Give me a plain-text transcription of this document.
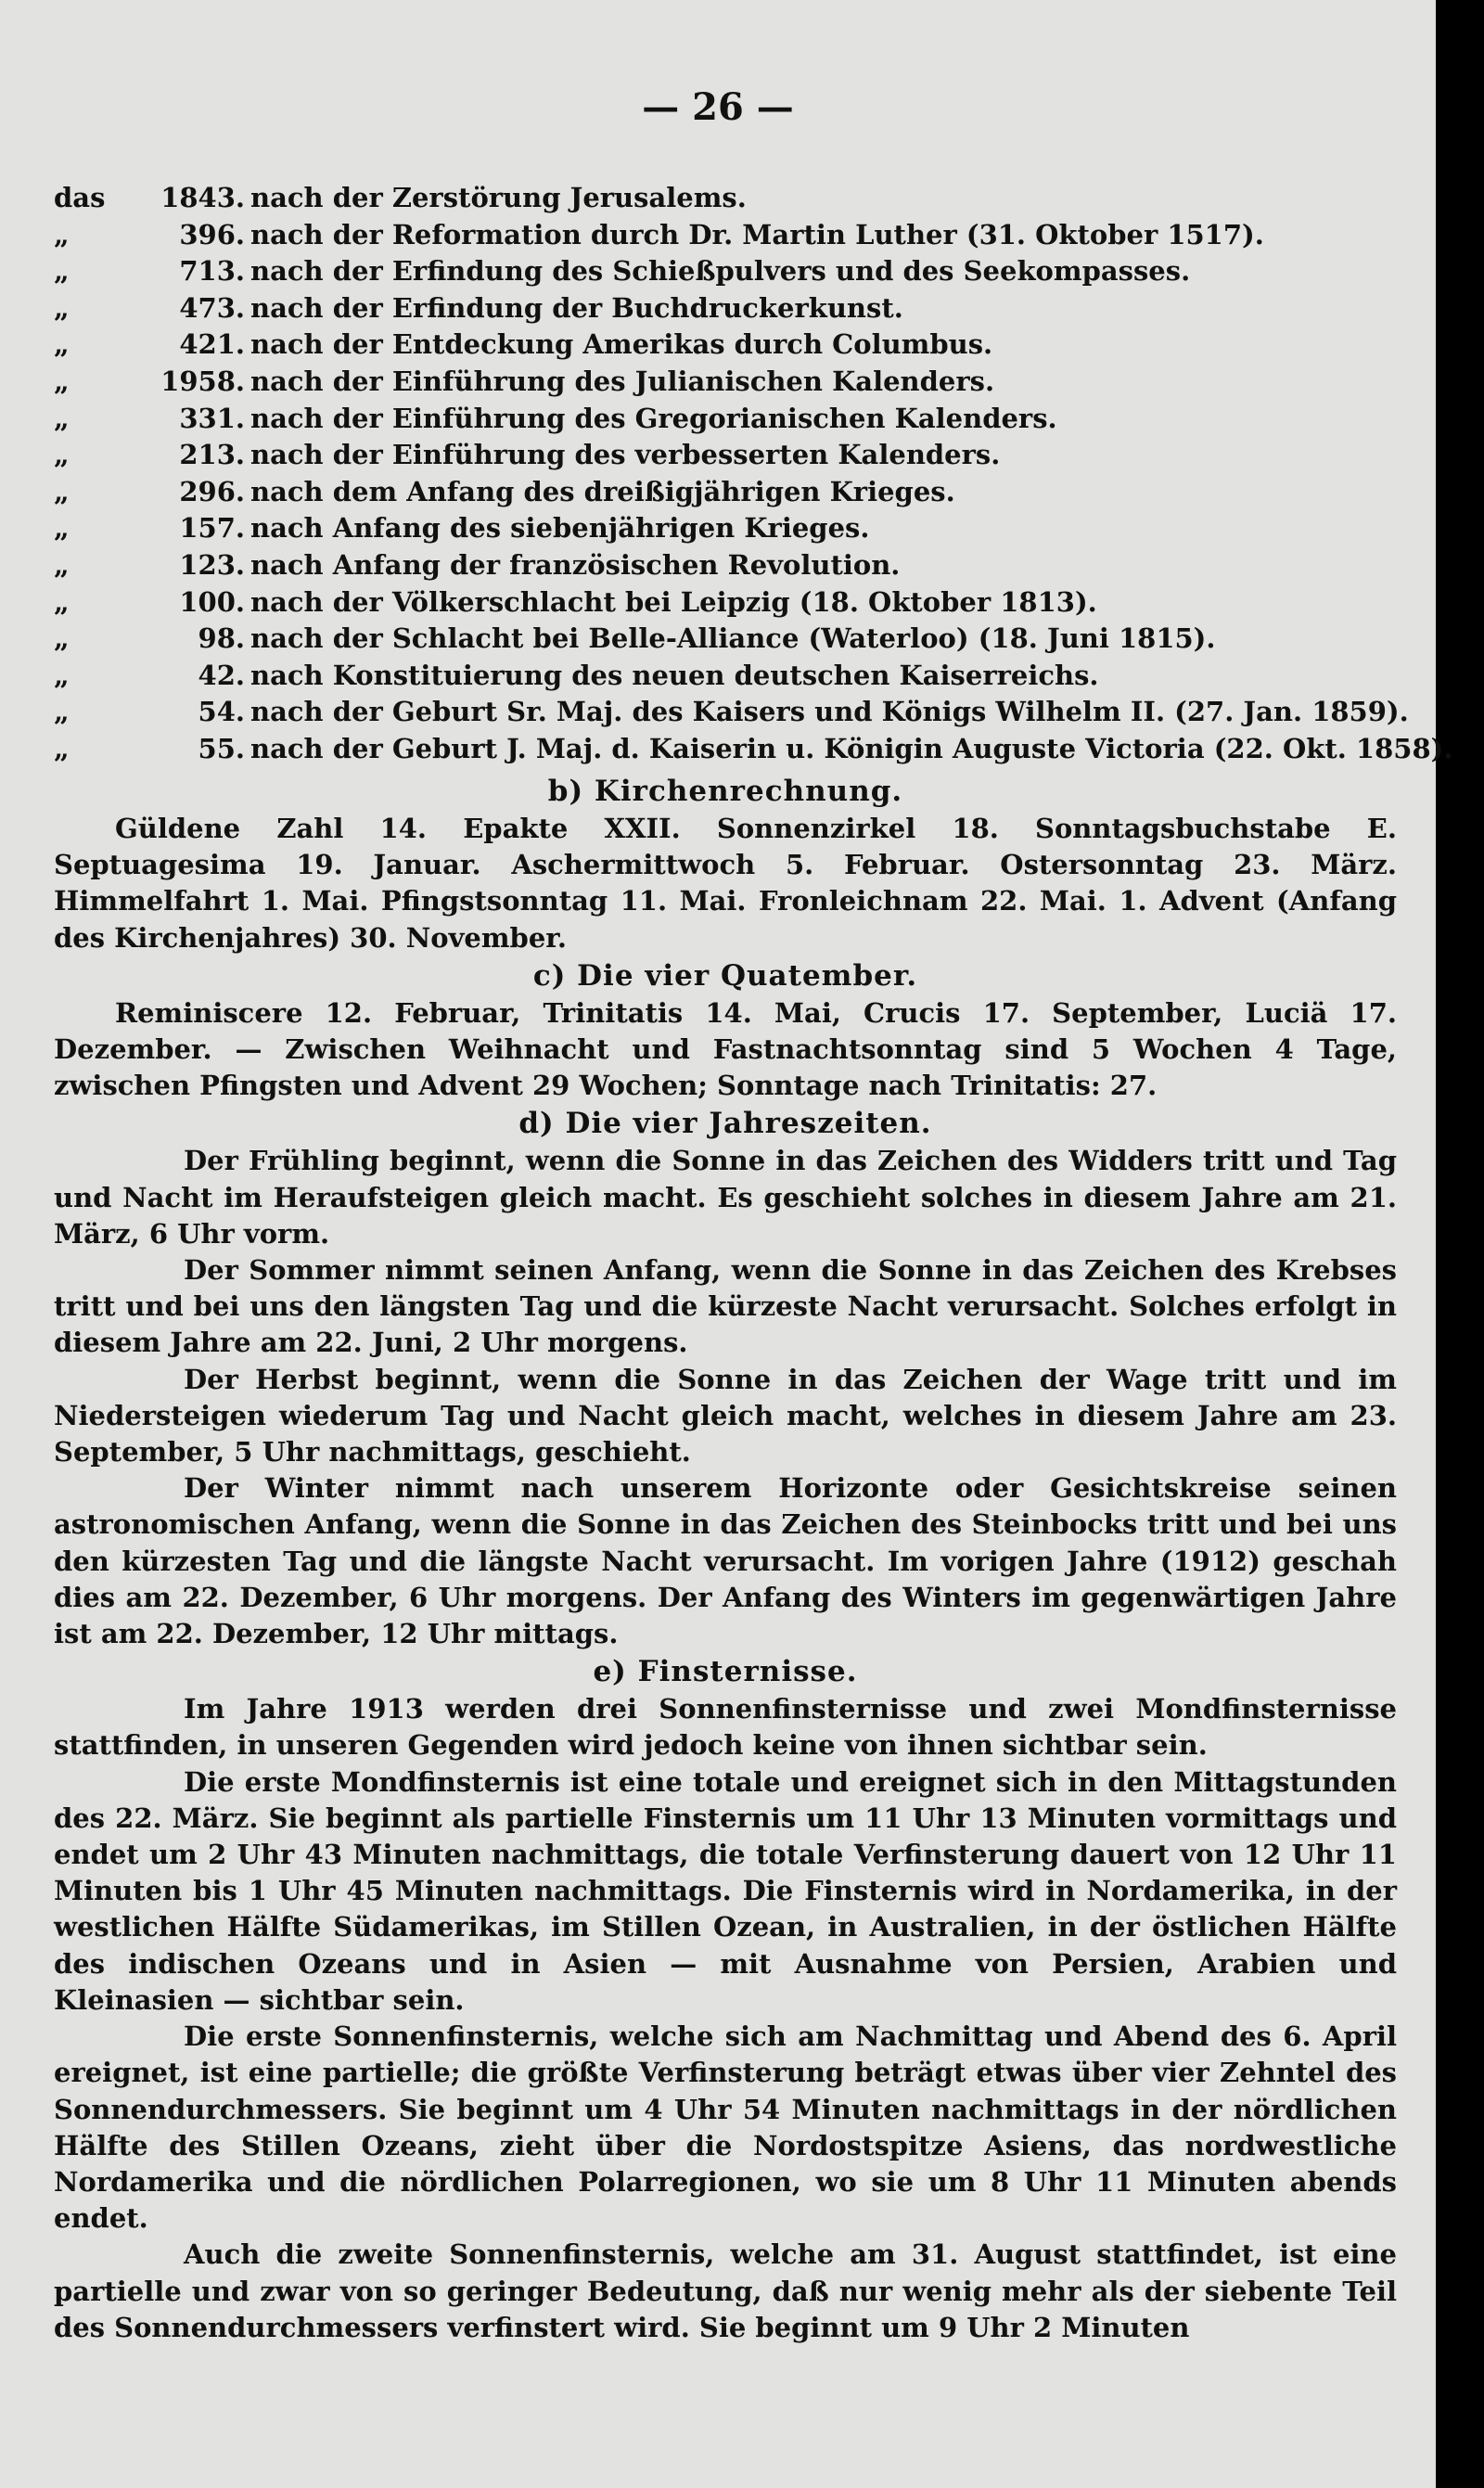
— 26 —
das	1843. nach der Zerstörung Jerusalems.
„	396. nach der Reformation durch Dr. Martin Luther (31. Oktober 1517).
„	713. nach der Erfindung des Schießpulvers und des Seekompasses.
„	473. nach der Erfindung der Buchdruckerkunst.
„	421. nach der Entdeckung Amerikas durch Columbus.
„	1958. nach der Einführung des Julianischen Kalenders.
„	331. nach der Einführung des Gregorianischen Kalenders.
„	213. nach der Einführung des verbesserten Kalenders.
„	296. nach dem Anfang des dreißigjährigen Krieges.
„	157. nach Anfang des siebenjährigen Krieges.
„	123. nach Anfang der französischen Revolution.
„	100. nach der Völkerschlacht bei Leipzig (18. Oktober 1813).
„	98. nach der Schlacht bei Belle-Alliance (Waterloo) (18. Juni 1815).
„	42. nach Konstituierung des neuen deutschen Kaiserreichs.
„	54. nach der Geburt Sr. Maj. des Kaisers und Königs Wilhelm II. (27. Jan. 1859).
„	55. nach der Geburt J. Maj. d. Kaiserin u. Königin Auguste Victoria (22. Okt. 1858).
b) Kirchenrechnung.

Güldene Zahl 14. Epakte XXII. Sonnenzirkel 18. Sonntagsbuchstabe E. Septuagesima 19. Januar. Aschermittwoch 5. Februar. Ostersonntag 23. März. Himmelfahrt 1. Mai. Pfingstsonntag 11. Mai. Fronleichnam 22. Mai. 1. Advent (Anfang des Kirchenjahres) 30. November.

c) Die vier Quatember.

Reminiscere 12. Februar, Trinitatis 14. Mai, Crucis 17. September, Luciä 17. Dezember. — Zwischen Weihnacht und Fastnachtsonntag sind 5 Wochen 4 Tage, zwischen Pfingsten und Advent 29 Wochen; Sonntage nach Trinitatis: 27.

d) Die vier Jahreszeiten.

Der Frühling beginnt, wenn die Sonne in das Zeichen des Widders tritt und Tag und Nacht im Heraufsteigen gleich macht. Es geschieht solches in diesem Jahre am 21. März, 6 Uhr vorm.

Der Sommer nimmt seinen Anfang, wenn die Sonne in das Zeichen des Krebses tritt und bei uns den längsten Tag und die kürzeste Nacht verursacht. Solches erfolgt in diesem Jahre am 22. Juni, 2 Uhr morgens.

Der Herbst beginnt, wenn die Sonne in das Zeichen der Wage tritt und im Niedersteigen wiederum Tag und Nacht gleich macht, welches in diesem Jahre am 23. September, 5 Uhr nachmittags, geschieht.

Der Winter nimmt nach unserem Horizonte oder Gesichtskreise seinen astronomischen Anfang, wenn die Sonne in das Zeichen des Steinbocks tritt und bei uns den kürzesten Tag und die längste Nacht verursacht. Im vorigen Jahre (1912) geschah dies am 22. Dezember, 6 Uhr morgens. Der Anfang des Winters im gegenwärtigen Jahre ist am 22. Dezember, 12 Uhr mittags.

e) Finsternisse.

Im Jahre 1913 werden drei Sonnenfinsternisse und zwei Mondfinsternisse stattfinden, in unseren Gegenden wird jedoch keine von ihnen sichtbar sein.

Die erste Mondfinsternis ist eine totale und ereignet sich in den Mittagstunden des 22. März. Sie beginnt als partielle Finsternis um 11 Uhr 13 Minuten vormittags und endet um 2 Uhr 43 Minuten nachmittags, die totale Verfinsterung dauert von 12 Uhr 11 Minuten bis 1 Uhr 45 Minuten nachmittags. Die Finsternis wird in Nordamerika, in der westlichen Hälfte Südamerikas, im Stillen Ozean, in Australien, in der östlichen Hälfte des indischen Ozeans und in Asien — mit Ausnahme von Persien, Arabien und Kleinasien — sichtbar sein.

Die erste Sonnenfinsternis, welche sich am Nachmittag und Abend des 6. April ereignet, ist eine partielle; die größte Verfinsterung beträgt etwas über vier Zehntel des Sonnendurchmessers. Sie beginnt um 4 Uhr 54 Minuten nachmittags in der nördlichen Hälfte des Stillen Ozeans, zieht über die Nordostspitze Asiens, das nordwestliche Nordamerika und die nördlichen Polarregionen, wo sie um 8 Uhr 11 Minuten abends endet.

Auch die zweite Sonnenfinsternis, welche am 31. August stattfindet, ist eine partielle und zwar von so geringer Bedeutung, daß nur wenig mehr als der siebente Teil des Sonnendurchmessers verfinstert wird. Sie beginnt um 9 Uhr 2 Minuten
